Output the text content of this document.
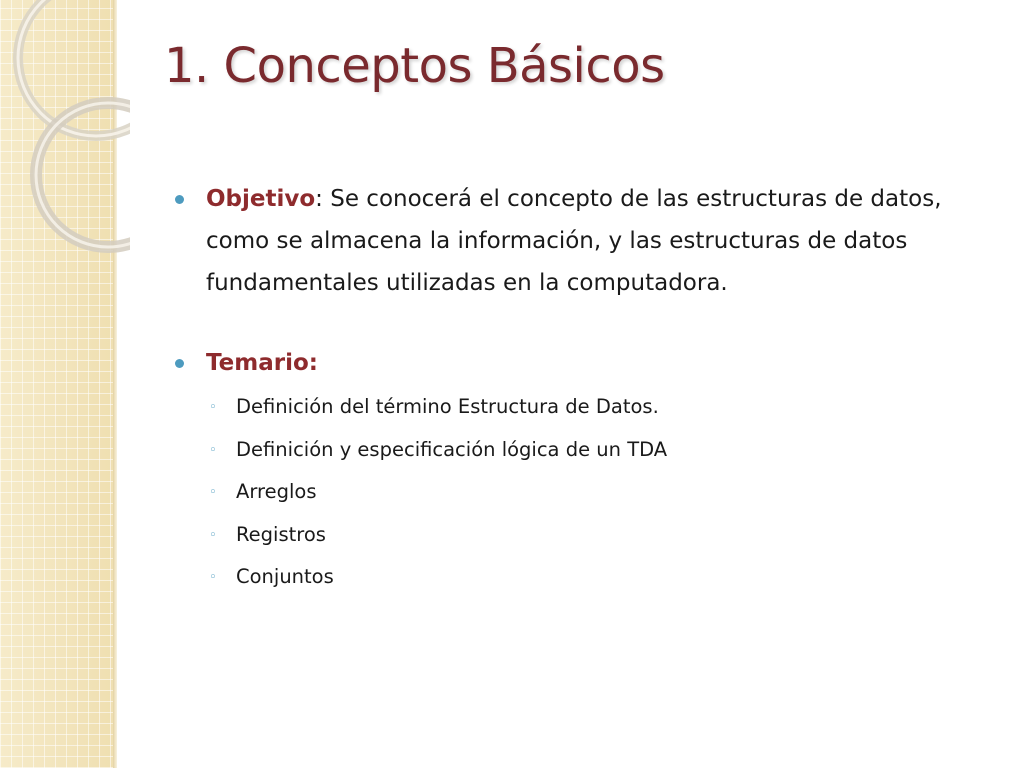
1. Conceptos Básicos
Objetivo: Se conocerá el concepto de las estructuras de datos, como se almacena la información, y las estructuras de datos fundamentales utilizadas en la computadora.
Temario:
◦ Definición del término Estructura de Datos.
◦ Definición y especificación lógica de un TDA
◦ Arreglos
◦ Registros
◦ Conjuntos
